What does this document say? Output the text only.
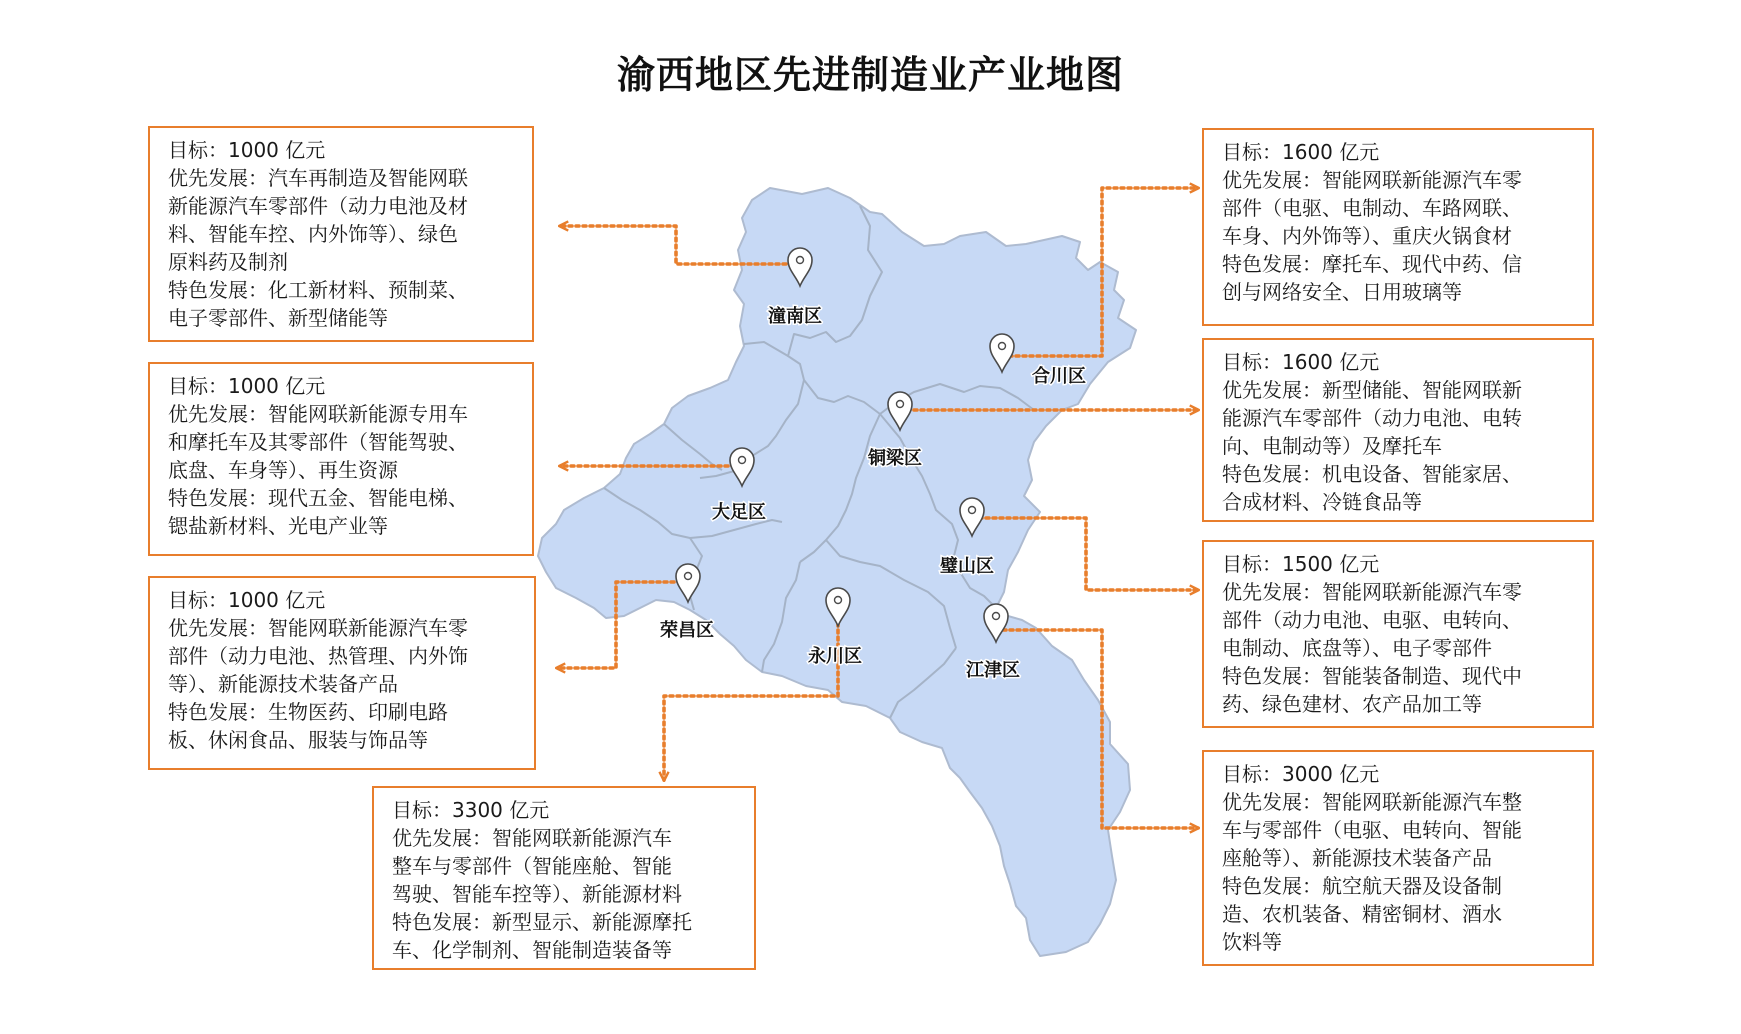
渝西地区先进制造业产业地图
潼南区
大足区
荣昌区
永川区
合川区
铜梁区
璧山区
江津区
目标：1000 亿元
优先发展：汽车再制造及智能网联
新能源汽车零部件（动力电池及材
料、智能车控、内外饰等）、绿色
原料药及制剂
特色发展：化工新材料、预制菜、
电子零部件、新型储能等
目标：1000 亿元
优先发展：智能网联新能源专用车
和摩托车及其零部件（智能驾驶、
底盘、车身等）、再生资源
特色发展：现代五金、智能电梯、
锶盐新材料、光电产业等
目标：1000 亿元
优先发展：智能网联新能源汽车零
部件（动力电池、热管理、内外饰
等）、新能源技术装备产品
特色发展：生物医药、印刷电路
板、休闲食品、服装与饰品等
目标：3300 亿元
优先发展：智能网联新能源汽车
整车与零部件（智能座舱、智能
驾驶、智能车控等）、新能源材料
特色发展：新型显示、新能源摩托
车、化学制剂、智能制造装备等
目标：1600 亿元
优先发展：智能网联新能源汽车零
部件（电驱、电制动、车路网联、
车身、内外饰等）、重庆火锅食材
特色发展：摩托车、现代中药、信
创与网络安全、日用玻璃等
目标：1600 亿元
优先发展：新型储能、智能网联新
能源汽车零部件（动力电池、电转
向、电制动等）及摩托车
特色发展：机电设备、智能家居、
合成材料、冷链食品等
目标：1500 亿元
优先发展：智能网联新能源汽车零
部件（动力电池、电驱、电转向、
电制动、底盘等）、电子零部件
特色发展：智能装备制造、现代中
药、绿色建材、农产品加工等
目标：3000 亿元
优先发展：智能网联新能源汽车整
车与零部件（电驱、电转向、智能
座舱等）、新能源技术装备产品
特色发展：航空航天器及设备制
造、农机装备、精密铜材、酒水
饮料等
